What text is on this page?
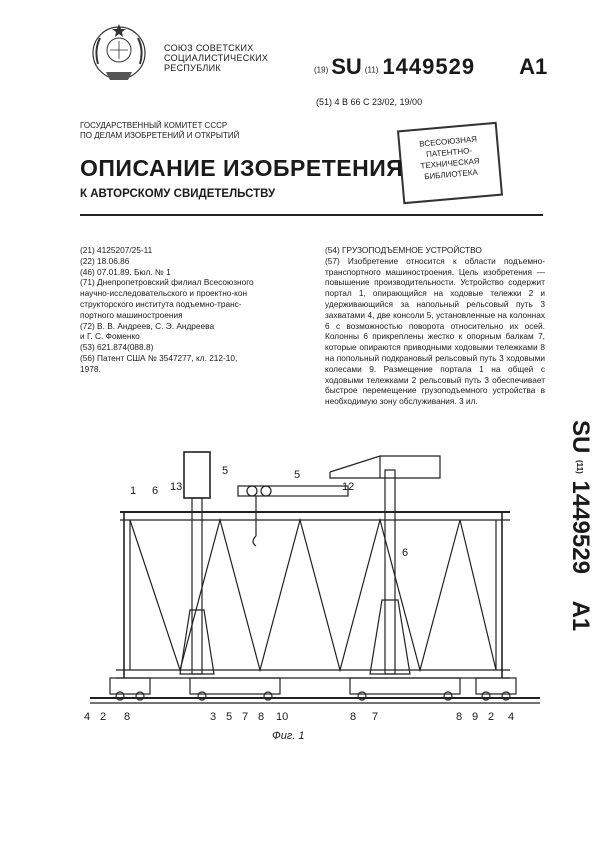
СОЮЗ СОВЕТСКИХ
СОЦИАЛИСТИЧЕСКИХ
РЕСПУБЛИК	(19) SU (11) 1449529 А1
(51) 4 В 66 С 23/02, 19/00
ГОСУДАРСТВЕННЫЙ КОМИТЕТ СССР
ПО ДЕЛАМ ИЗОБРЕТЕНИЙ И ОТКРЫТИЙ	ВСЕСОЮЗНАЯ
ПАТЕНТНО-ТЕХНИЧЕСКАЯ
БИБЛИОТЕКА
ОПИСАНИЕ ИЗОБРЕТЕНИЯ
К АВТОРСКОМУ СВИДЕТЕЛЬСТВУ
(21) 4125207/25-11
(22) 18.06.86
(46) 07.01.89. Бюл. № 1
(71) Днепропетровский филиал Всесоюзного
научно-исследовательского и проектно-кон
структорского института подъемно-транс-
портного машиностроения
(72) В. В. Андреев, С. Э. Андреева
и Г. С. Фоменко
(53) 621.874(088.8)
(56) Патент США № 3547277, кл. 212-10,
1978.
(54) ГРУЗОПОДЪЕМНОЕ УСТРОЙСТВО

(57) Изобретение относится к области подъемно-транспортного машиностроения. Цель изобретения — повышение производительности. Устройство содержит портал 1, опирающийся на ходовые тележки 2 и удерживающийся за напольный рельсовый путь 3 захватами 4, две консоли 5, установленные на колоннах 6 с возможностью поворота относительно их осей. Колонны 6 прикреплены жестко к опорным балкам 7, которые опираются приводными ходовыми тележками 8 на попольный подкрановый рельсовый путь 3 ходовыми колесами 9. Размещение портала 1 на общей с ходовыми тележками 2 рельсовый путь 3 обеспечивает быстрое перемещение грузоподъемного устройства в необходимую зону обслуживания. 3 ил.

SU (11) 1449529    А1
1 6 13
5	5
12
6
4 2 8	3 5 7 8 10	8 7	8 9 2 4
Фиг. 1
